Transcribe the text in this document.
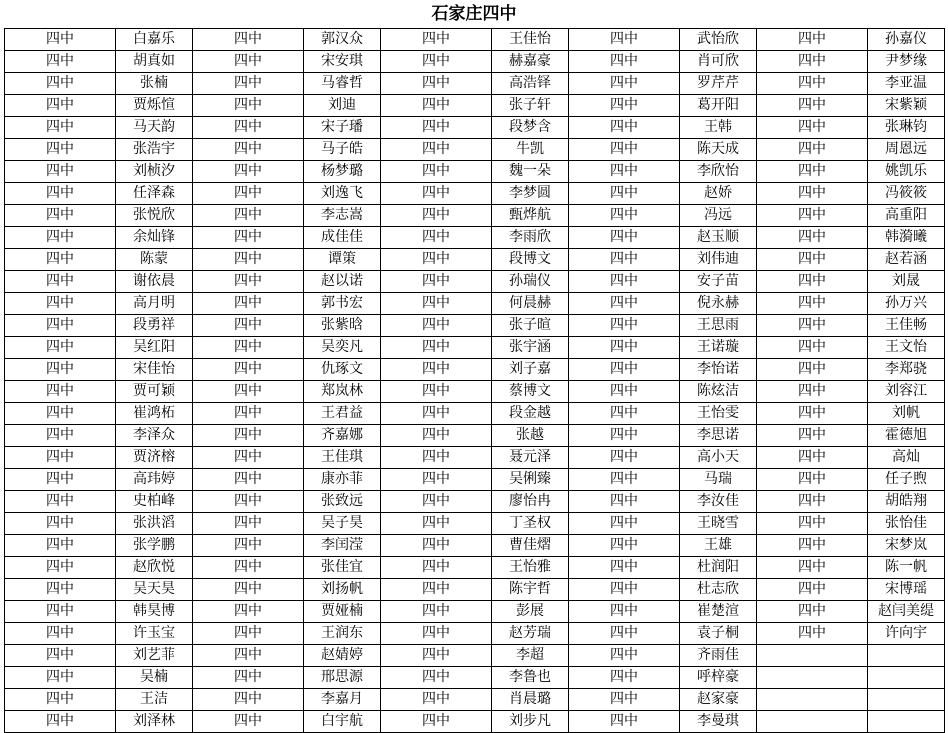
石家庄四中
四中	白嘉乐	四中	郭汉众	四中	王佳怡	四中	武怡欣	四中	孙嘉仪
四中	胡真如	四中	宋安琪	四中	赫嘉豪	四中	肖可欣	四中	尹梦缘
四中	张楠	四中	马睿哲	四中	高浩铎	四中	罗芹芹	四中	李亚温
四中	贾烁愃	四中	刘迪	四中	张子轩	四中	葛开阳	四中	宋紫颖
四中	马天韵	四中	宋子璠	四中	段梦含	四中	王韩	四中	张琳钧
四中	张浩宇	四中	马子皓	四中	牛凯	四中	陈天成	四中	周恩远
四中	刘桢汐	四中	杨梦璐	四中	魏一朵	四中	李欣怡	四中	姚凯乐
四中	任泽森	四中	刘逸飞	四中	李梦圆	四中	赵娇	四中	冯筱筱
四中	张悦欣	四中	李志嵩	四中	甄烨航	四中	冯远	四中	高重阳
四中	余灿锋	四中	成佳佳	四中	李雨欣	四中	赵玉顺	四中	韩漪曦
四中	陈蒙	四中	谭策	四中	段博文	四中	刘伟迪	四中	赵若涵
四中	谢依晨	四中	赵以诺	四中	孙瑞仪	四中	安子苗	四中	刘晟
四中	高月明	四中	郭书宏	四中	何晨赫	四中	倪永赫	四中	孙万兴
四中	段勇祥	四中	张紫晗	四中	张子暄	四中	王思雨	四中	王佳畅
四中	吴红阳	四中	吴奕凡	四中	张宇涵	四中	王诺璇	四中	王文怡
四中	宋佳怡	四中	仇琢文	四中	刘子嘉	四中	李怡诺	四中	李郑骁
四中	贾可颖	四中	郑岚林	四中	蔡博文	四中	陈炫洁	四中	刘容江
四中	崔鸿柘	四中	王君益	四中	段金越	四中	王怡雯	四中	刘帆
四中	李泽众	四中	齐嘉娜	四中	张越	四中	李思诺	四中	霍德旭
四中	贾济榕	四中	王佳琪	四中	聂元泽	四中	高小天	四中	高灿
四中	高玮婷	四中	康亦菲	四中	吴俐臻	四中	马瑞	四中	任子煦
四中	史柏峰	四中	张致远	四中	廖怡冉	四中	李汝佳	四中	胡皓翔
四中	张洪滔	四中	吴子昊	四中	丁圣权	四中	王晓雪	四中	张怡佳
四中	张学鹏	四中	李闰滢	四中	曹佳熠	四中	王雄	四中	宋梦岚
四中	赵欣悦	四中	张佳宜	四中	王怡雅	四中	杜润阳	四中	陈一帆
四中	吴天昊	四中	刘扬帆	四中	陈宇哲	四中	杜志欣	四中	宋博瑶
四中	韩昊博	四中	贾娅楠	四中	彭展	四中	崔楚渲	四中	赵闫美缇
四中	许玉宝	四中	王润东	四中	赵芳瑞	四中	袁子桐	四中	许向宇
四中	刘艺菲	四中	赵婧婷	四中	李超	四中	齐雨佳		
四中	吴楠	四中	邢思源	四中	李鲁也	四中	呼梓豪		
四中	王洁	四中	李嘉月	四中	肖晨璐	四中	赵家豪		
四中	刘泽林	四中	白宇航	四中	刘步凡	四中	李曼琪		
